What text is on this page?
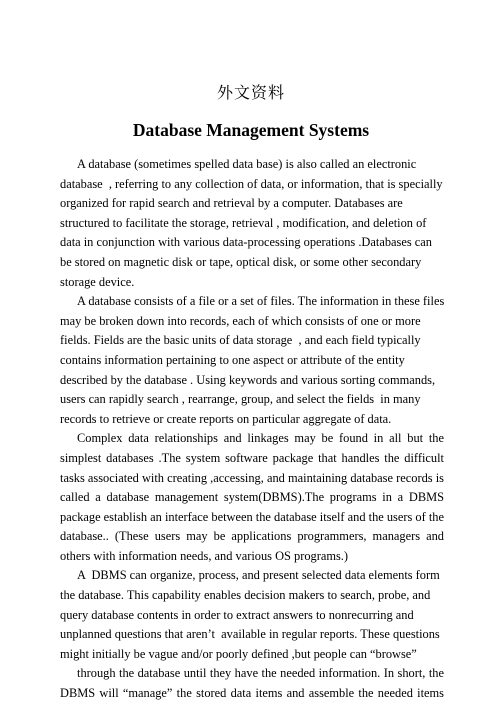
外文资料
Database Management Systems
A database (sometimes spelled data base) is also called an electronic
database  , referring to any collection of data, or information, that is specially
organized for rapid search and retrieval by a computer. Databases are
structured to facilitate the storage, retrieval , modification, and deletion of
data in conjunction with various data-processing operations .Databases can
be stored on magnetic disk or tape, optical disk, or some other secondary
storage device.
A database consists of a file or a set of files. The information in these files
may be broken down into records, each of which consists of one or more
fields. Fields are the basic units of data storage  , and each field typically
contains information pertaining to one aspect or attribute of the entity
described by the database . Using keywords and various sorting commands,
users can rapidly search , rearrange, group, and select the fields  in many
records to retrieve or create reports on particular aggregate of data.
Complex data relationships and linkages may be found in all but the
simplest databases .The system software package that handles the difficult
tasks associated with creating ,accessing, and maintaining database records is
called a database management system(DBMS).The programs in a DBMS
package establish an interface between the database itself and the users of the
database.. (These users may be applications programmers, managers and
others with information needs, and various OS programs.)
A  DBMS can organize, process, and present selected data elements form
the database. This capability enables decision makers to search, probe, and
query database contents in order to extract answers to nonrecurring and
unplanned questions that aren’t  available in regular reports. These questions
might initially be vague and/or poorly defined ,but people can “browse”
through the database until they have the needed information. In short, the
DBMS will “manage” the stored data items and assemble the needed items
